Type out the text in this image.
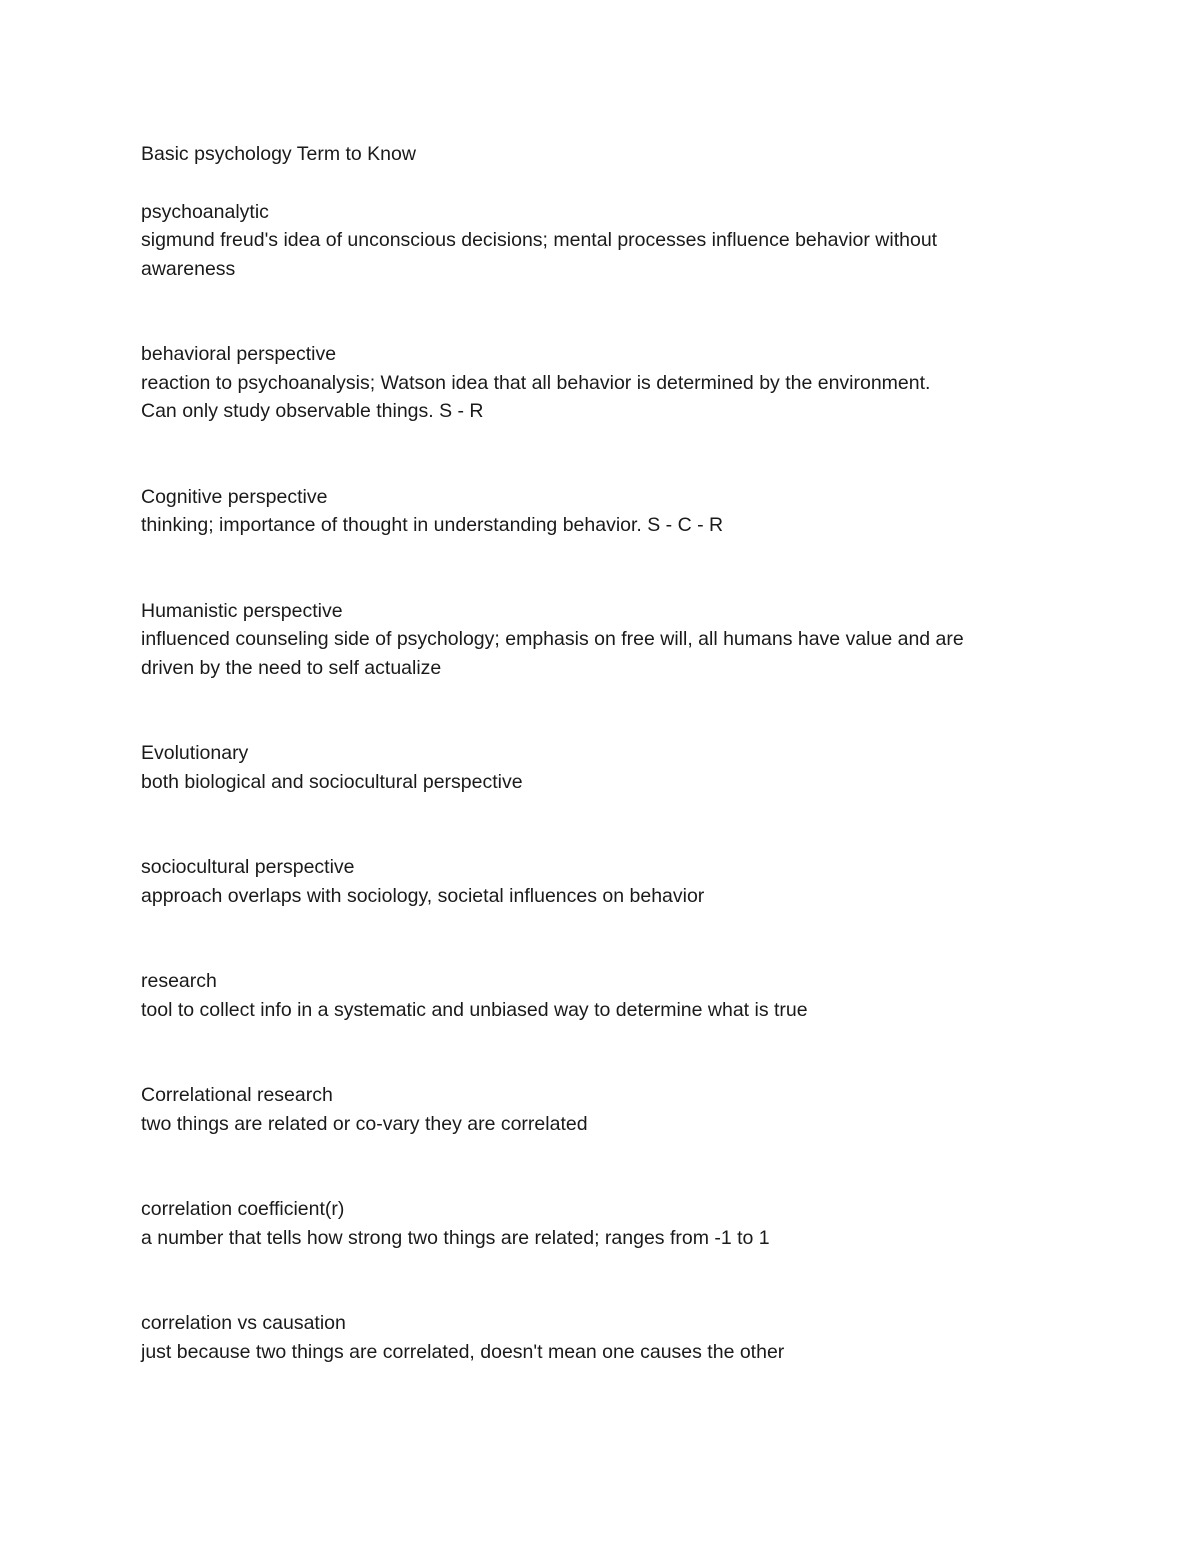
Basic psychology Term to Know
psychoanalytic
sigmund freud's idea of unconscious decisions; mental processes influence behavior without
awareness
behavioral perspective
reaction to psychoanalysis; Watson idea that all behavior is determined by the environment.
Can only study observable things. S - R
Cognitive perspective
thinking; importance of thought in understanding behavior. S - C - R
Humanistic perspective
influenced counseling side of psychology; emphasis on free will, all humans have value and are
driven by the need to self actualize
Evolutionary
both biological and sociocultural perspective
sociocultural perspective
approach overlaps with sociology, societal influences on behavior
research
tool to collect info in a systematic and unbiased way to determine what is true
Correlational research
two things are related or co-vary they are correlated
correlation coefficient(r)
a number that tells how strong two things are related; ranges from -1 to 1
correlation vs causation
just because two things are correlated, doesn't mean one causes the other
